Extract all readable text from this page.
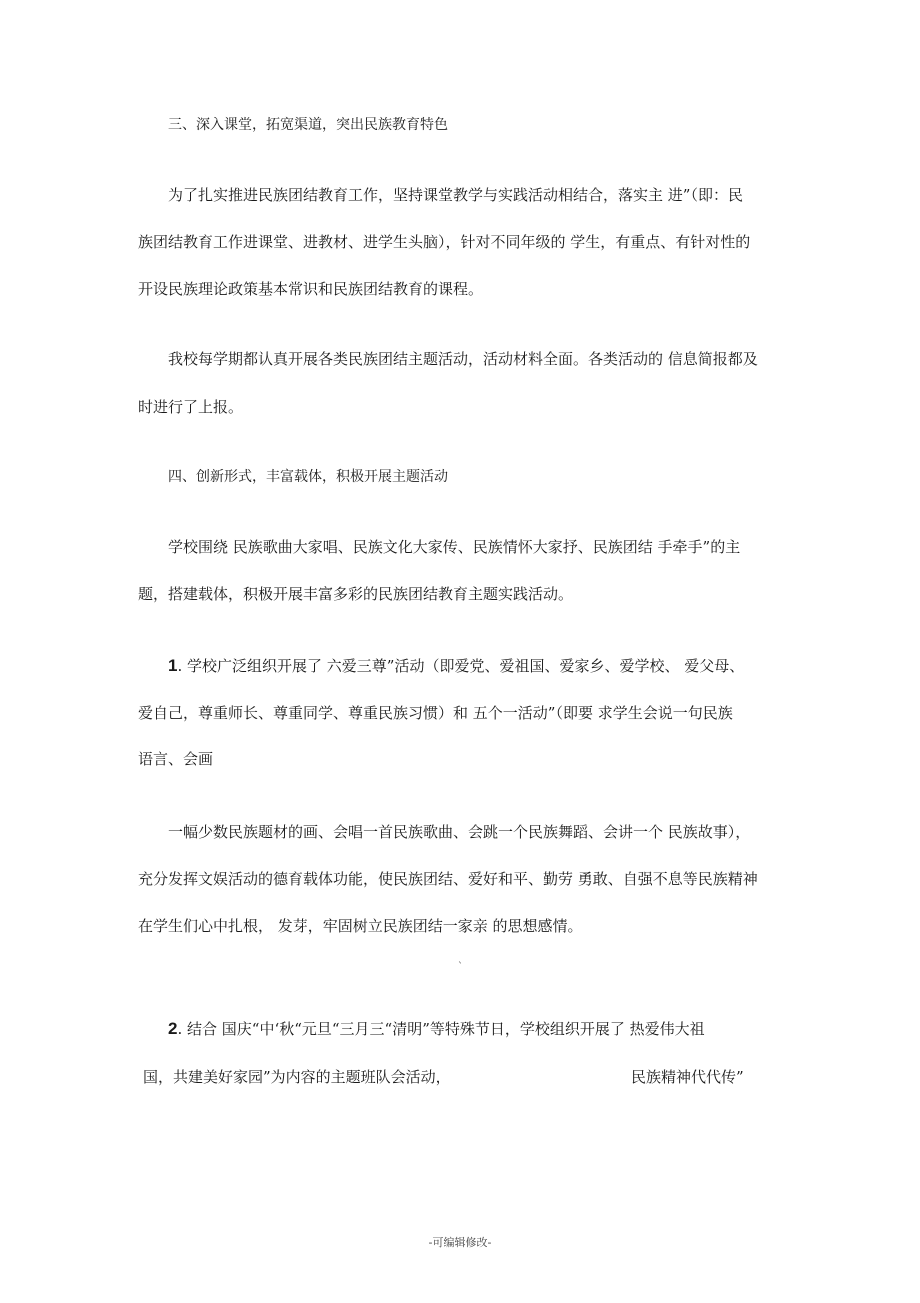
三、深入课堂，拓宽渠道，突出民族教育特色
为了扎实推进民族团结教育工作，坚持课堂教学与实践活动相结合，落实主 进”（即：民
族团结教育工作进课堂、进教材、进学生头脑），针对不同年级的 学生，有重点、有针对性的
开设民族理论政策基本常识和民族团结教育的课程。
我校每学期都认真开展各类民族团结主题活动，活动材料全面。各类活动的 信息简报都及
时进行了上报。
四、创新形式，丰富载体，积极开展主题活动
学校围绕 民族歌曲大家唱、民族文化大家传、民族情怀大家抒、民族团结 手牵手”的主
题，搭建载体，积极开展丰富多彩的民族团结教育主题实践活动。
1. 学校广泛组织开展了 六爱三尊”活动（即爱党、爱祖国、爱家乡、爱学校、 爱父母、
爱自己，尊重师长、尊重同学、尊重民族习惯）和 五个一活动”（即要 求学生会说一句民族
语言、会画
一幅少数民族题材的画、会唱一首民族歌曲、会跳一个民族舞蹈、会讲一个 民族故事），
充分发挥文娱活动的德育载体功能，使民族团结、爱好和平、勤劳 勇敢、自强不息等民族精神
在学生们心中扎根， 发芽，牢固树立民族团结一家亲 的思想感情。
`
2. 结合 国庆“中‘秋“元旦“三月三“清明”等特殊节日，学校组织开展了 热爱伟大祖
国，共建美好家园”为内容的主题班队会活动，	民族精神代代传”
-可编辑修改-
